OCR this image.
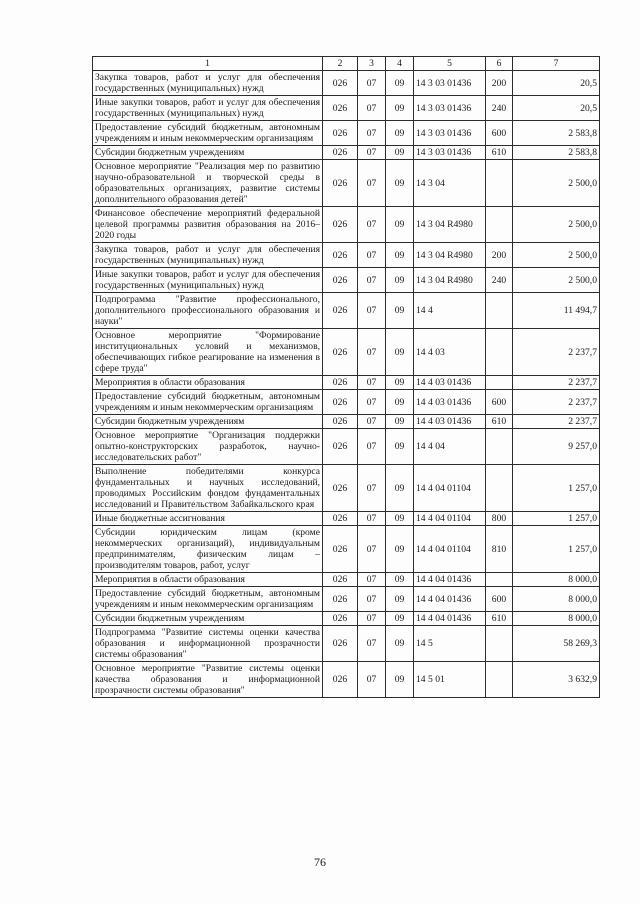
1	2	3	4	5	6	7
Закупка товаров, работ и услуг для обеспечения государственных (муниципальных) нужд	026	07	09	14 3 03 01436	200	20,5
Иные закупки товаров, работ и услуг для обеспечения государственных (муниципальных) нужд	026	07	09	14 3 03 01436	240	20,5
Предоставление субсидий бюджетным, автономным учреждениям и иным некоммерческим организациям	026	07	09	14 3 03 01436	600	2 583,8
Субсидии бюджетным учреждениям	026	07	09	14 3 03 01436	610	2 583,8
Основное мероприятие "Реализация мер по развитию научно-образовательной и творческой среды в образовательных организациях, развитие системы дополнительного образования детей"	026	07	09	14 3 04		2 500,0
Финансовое обеспечение мероприятий федеральной целевой программы развития образования на 2016–2020 годы	026	07	09	14 3 04 R4980		2 500,0
Закупка товаров, работ и услуг для обеспечения государственных (муниципальных) нужд	026	07	09	14 3 04 R4980	200	2 500,0
Иные закупки товаров, работ и услуг для обеспечения государственных (муниципальных) нужд	026	07	09	14 3 04 R4980	240	2 500,0
Подпрограмма "Развитие профессионального, дополнительного профессионального образования и науки"	026	07	09	14 4		11 494,7
Основное мероприятие "Формирование институциональных условий и механизмов, обеспечивающих гибкое реагирование на изменения в сфере труда"	026	07	09	14 4 03		2 237,7
Мероприятия в области образования	026	07	09	14 4 03 01436		2 237,7
Предоставление субсидий бюджетным, автономным учреждениям и иным некоммерческим организациям	026	07	09	14 4 03 01436	600	2 237,7
Субсидии бюджетным учреждениям	026	07	09	14 4 03 01436	610	2 237,7
Основное мероприятие "Организация поддержки опытно-конструкторских разработок, научно-исследовательских работ"	026	07	09	14 4 04		9 257,0
Выполнение победителями конкурса фундаментальных и научных исследований, проводимых Российским фондом фундаментальных исследований и Правительством Забайкальского края	026	07	09	14 4 04 01104		1 257,0
Иные бюджетные ассигнования	026	07	09	14 4 04 01104	800	1 257,0
Субсидии юридическим лицам (кроме некоммерческих организаций), индивидуальным предпринимателям, физическим лицам – производителям товаров, работ, услуг	026	07	09	14 4 04 01104	810	1 257,0
Мероприятия в области образования	026	07	09	14 4 04 01436		8 000,0
Предоставление субсидий бюджетным, автономным учреждениям и иным некоммерческим организациям	026	07	09	14 4 04 01436	600	8 000,0
Субсидии бюджетным учреждениям	026	07	09	14 4 04 01436	610	8 000,0
Подпрограмма "Развитие системы оценки качества образования и информационной прозрачности системы образования"	026	07	09	14 5		58 269,3
Основное мероприятие "Развитие системы оценки качества образования и информационной прозрачности системы образования"	026	07	09	14 5 01		3 632,9
76
